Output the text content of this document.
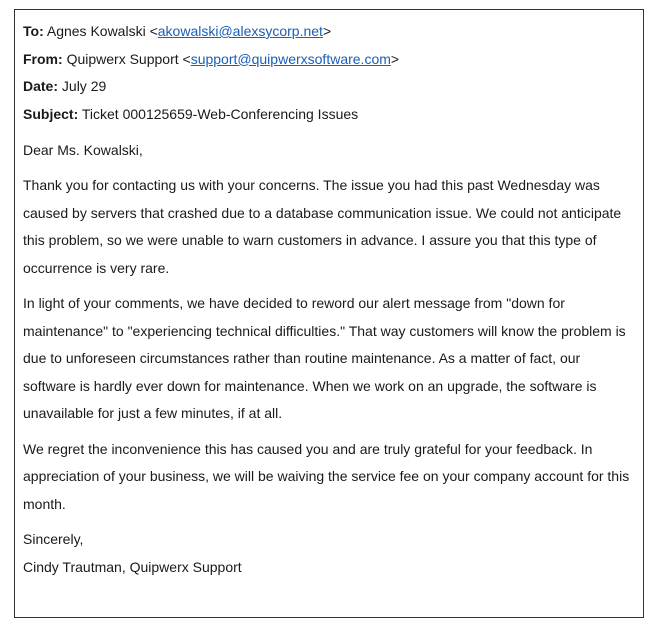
To: Agnes Kowalski <akowalski@alexsycorp.net>
From: Quipwerx Support <support@quipwerxsoftware.com>
Date: July 29
Subject: Ticket 000125659-Web-Conferencing Issues
Dear Ms. Kowalski,

Thank you for contacting us with your concerns. The issue you had this past Wednesday was caused by servers that crashed due to a database communication issue. We could not anticipate this problem, so we were unable to warn customers in advance. I assure you that this type of occurrence is very rare.

In light of your comments, we have decided to reword our alert message from "down for maintenance" to "experiencing technical difficulties." That way customers will know the problem is due to unforeseen circumstances rather than routine maintenance. As a matter of fact, our software is hardly ever down for maintenance. When we work on an upgrade, the software is unavailable for just a few minutes, if at all.

We regret the inconvenience this has caused you and are truly grateful for your feedback. In appreciation of your business, we will be waiving the service fee on your company account for this month.

Sincerely,
Cindy Trautman, Quipwerx Support
